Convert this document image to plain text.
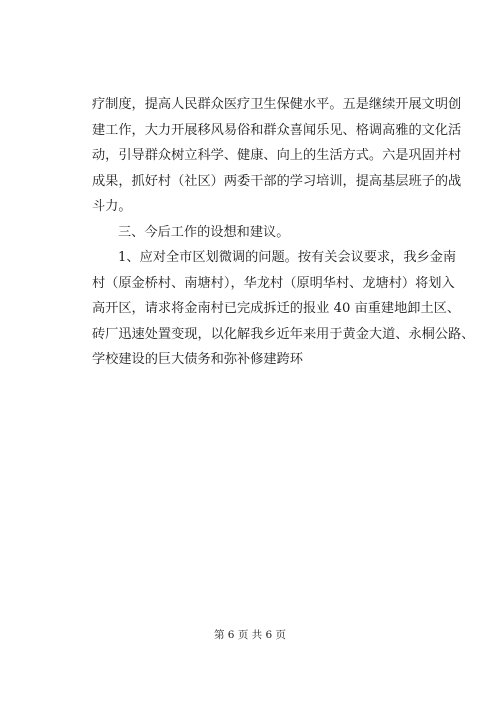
疗制度，提高人民群众医疗卫生保健水平。五是继续开展文明创
建工作，大力开展移风易俗和群众喜闻乐见、格调高雅的文化活
动，引导群众树立科学、健康、向上的生活方式。六是巩固并村
成果，抓好村（社区）两委干部的学习培训，提高基层班子的战
斗力。
三、今后工作的设想和建议。
1、应对全市区划微调的问题。按有关会议要求，我乡金南
村（原金桥村、南塘村），华龙村（原明华村、龙塘村）将划入
高开区，请求将金南村已完成拆迁的报业 40 亩重建地卸土区、
砖厂迅速处置变现，以化解我乡近年来用于黄金大道、永桐公路、
学校建设的巨大债务和弥补修建跨环
第 6 页 共 6 页
